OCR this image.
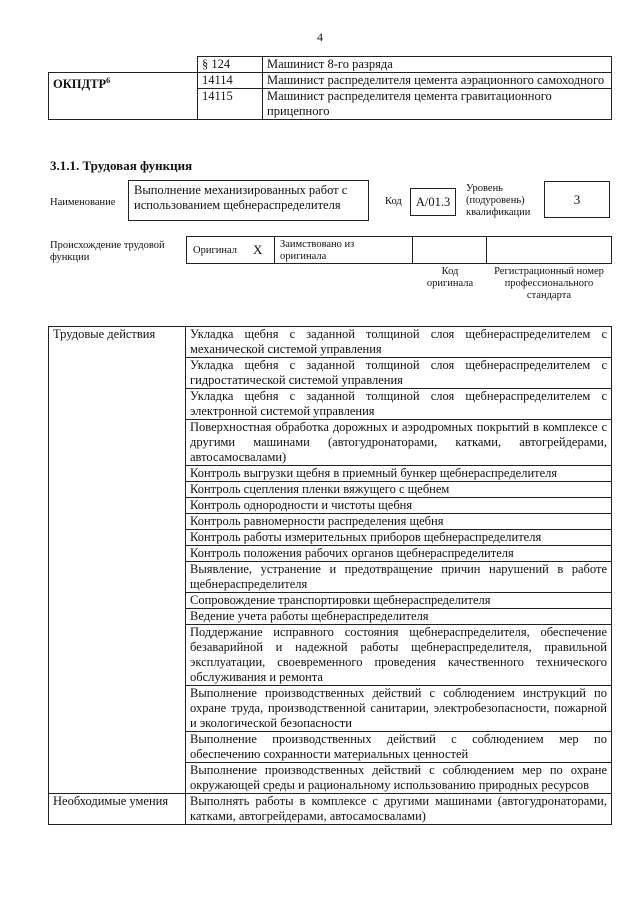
4
	§ 124	Машинист 8-го разряда
ОКПДТР$^6$	14114	Машинист распределителя цемента аэрационного самоходного
	14115	Машинист распределителя цемента гравитационного прицепного
3.1.1. Трудовая функция
Наименование
Выполнение механизированных работ с использованием щебнераспределителя	Код	А/01.3
Уровень (подуровень) квалификации
3
Происхождение трудовой функции
Оригинал X Заимствовано из оригинала
Код оригинала
Регистрационный номер профессионального стандарта
Трудовые действия	Укладка щебня с заданной толщиной слоя щебнераспределителем с механической системой управления
	Укладка щебня с заданной толщиной слоя щебнераспределителем с гидростатической системой управления
	Укладка щебня с заданной толщиной слоя щебнераспределителем с электронной системой управления
	Поверхностная обработка дорожных и аэродромных покрытий в комплексе с другими машинами (автогудронаторами, катками, автогрейдерами, автосамосвалами)
	Контроль выгрузки щебня в приемный бункер щебнераспределителя
	Контроль сцепления пленки вяжущего с щебнем
	Контроль однородности и чистоты щебня
	Контроль равномерности распределения щебня
	Контроль работы измерительных приборов щебнераспределителя
	Контроль положения рабочих органов щебнераспределителя
	Выявление, устранение и предотвращение причин нарушений в работе щебнераспределителя
	Сопровождение транспортировки щебнераспределителя
	Ведение учета работы щебнераспределителя
	Поддержание исправного состояния щебнераспределителя, обеспечение безаварийной и надежной работы щебнераспределителя, правильной эксплуатации, своевременного проведения качественного технического обслуживания и ремонта
	Выполнение производственных действий с соблюдением инструкций по охране труда, производственной санитарии, электробезопасности, пожарной и экологической безопасности
	Выполнение производственных действий с соблюдением мер по обеспечению сохранности материальных ценностей
	Выполнение производственных действий с соблюдением мер по охране окружающей среды и рациональному использованию природных ресурсов
Необходимые умения	Выполнять работы в комплексе с другими машинами (автогудронаторами, катками, автогрейдерами, автосамосвалами)
